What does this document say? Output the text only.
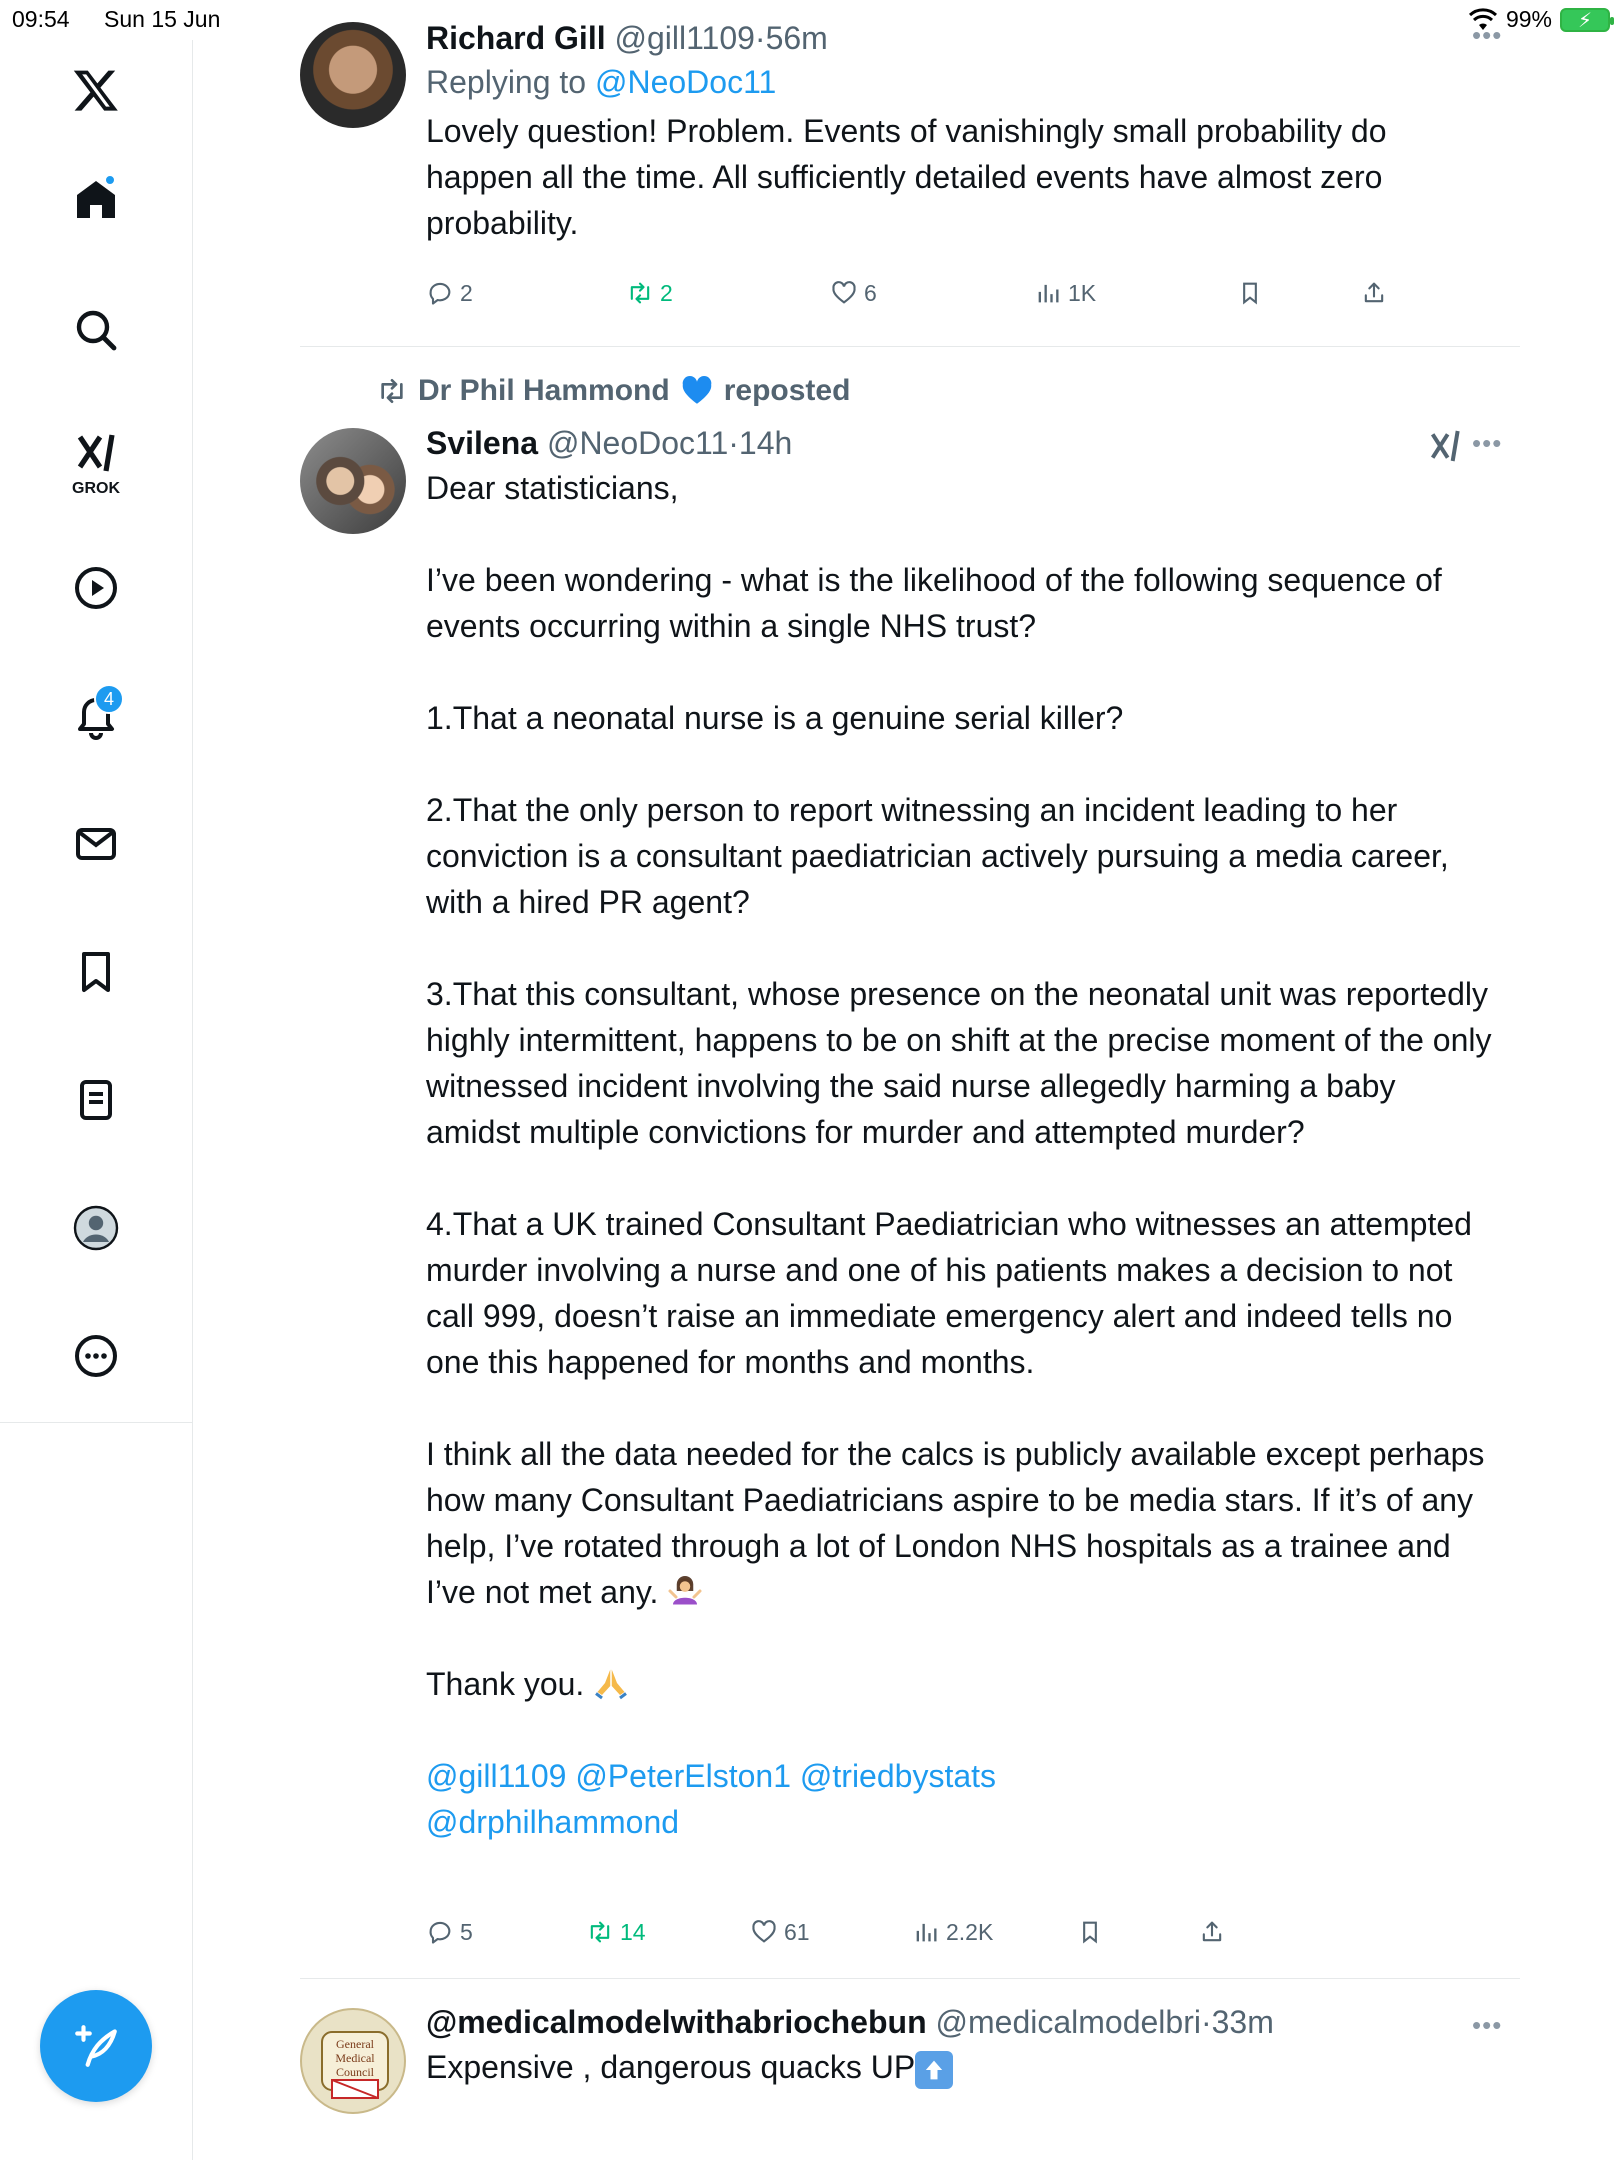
09:54 Sun 15 Jun	99% ⚡
GROK
4
•••
Richard Gill @gill1109·56m
Replying to @NeoDoc11
Lovely question! Problem. Events of vanishingly small probability do happen all the time. All sufficiently detailed events have almost zero probability.
2	2	6	1K
Dr Phil Hammond reposted
•••
Svilena @NeoDoc11·14h

Dear statisticians,

I’ve been wondering - what is the likelihood of the following sequence of events occurring within a single NHS trust?

1.That a neonatal nurse is a genuine serial killer?

2.That the only person to report witnessing an incident leading to her conviction is a consultant paediatrician actively pursuing a media career, with a hired PR agent?

3.That this consultant, whose presence on the neonatal unit was reportedly highly intermittent, happens to be on shift at the precise moment of the only witnessed incident involving the said nurse allegedly harming a baby amidst multiple convictions for murder and attempted murder?

4.That a UK trained Consultant Paediatrician who witnesses an attempted murder involving a nurse and one of his patients makes a decision to not call 999, doesn’t raise an immediate emergency alert and indeed tells no one this happened for months and months.

I think all the data needed for the calcs is publicly available except perhaps how many Consultant Paediatricians aspire to be media stars. If it’s of any help, I’ve rotated through a lot of London NHS hospitals as a trainee and I’ve not met any.

Thank you.

@gill1109 @PeterElston1 @triedbystats
@drphilhammond
5	14	61	2.2K
General
Medical
Council
•••
@medicalmodelwithabriochebun @medicalmodelbri·33m
Expensive , dangerous quacks UP
